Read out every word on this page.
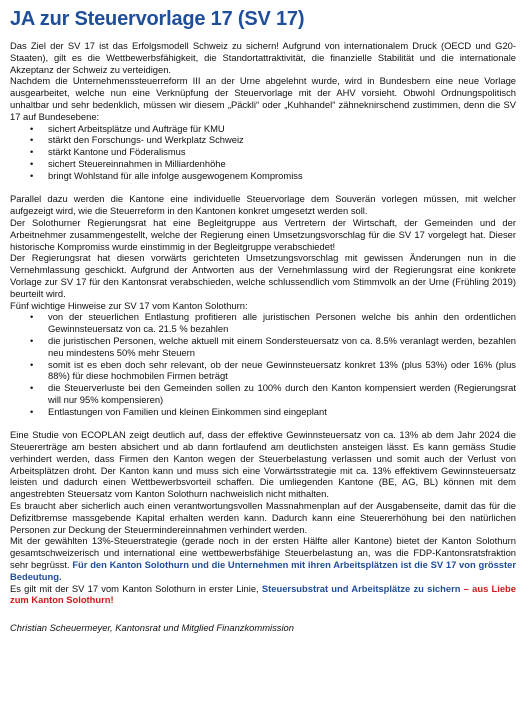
JA zur Steuervorlage 17 (SV 17)

Das Ziel der SV 17 ist das Erfolgsmodell Schweiz zu sichern! Aufgrund von internationalem Druck (OECD und G20-Staaten), gilt es die Wettbewerbsfähigkeit, die Standortattraktivität, die finanzielle Stabilität und die internationale Akzeptanz der Schweiz zu verteidigen.

Nachdem die Unternehmenssteuerreform III an der Urne abgelehnt wurde, wird in Bundesbern eine neue Vorlage ausgearbeitet, welche nun eine Verknüpfung der Steuervorlage mit der AHV vorsieht. Obwohl Ordnungspolitisch unhaltbar und sehr bedenklich, müssen wir diesem „Päckli“ oder „Kuhhandel“ zähneknirschend zustimmen, denn die SV 17 auf Bundesebene:

• sichert Arbeitsplätze und Aufträge für KMU
• stärkt den Forschungs- und Werkplatz Schweiz
• stärkt Kantone und Föderalismus
• sichert Steuereinnahmen in Milliardenhöhe
• bringt Wohlstand für alle infolge ausgewogenem Kompromiss

Parallel dazu werden die Kantone eine individuelle Steuervorlage dem Souverän vorlegen müssen, mit welcher aufgezeigt wird, wie die Steuerreform in den Kantonen konkret umgesetzt werden soll.

Der Solothurner Regierungsrat hat eine Begleitgruppe aus Vertretern der Wirtschaft, der Gemeinden und der Arbeitnehmer zusammengestellt, welche der Regierung einen Umsetzungsvorschlag für die SV 17 vorgelegt hat. Dieser historische Kompromiss wurde einstimmig in der Begleitgruppe verabschiedet!

Der Regierungsrat hat diesen vorwärts gerichteten Umsetzungsvorschlag mit gewissen Änderungen nun in die Vernehmlassung geschickt. Aufgrund der Antworten aus der Vernehmlassung wird der Regierungsrat eine konkrete Vorlage zur SV 17 für den Kantonsrat verabschieden, welche schlussendlich vom Stimmvolk an der Urne (Frühling 2019) beurteilt wird.

Fünf wichtige Hinweise zur SV 17 vom Kanton Solothurn:

• von der steuerlichen Entlastung profitieren alle juristischen Personen welche bis anhin den ordentlichen Gewinnsteuersatz von ca. 21.5 % bezahlen
• die juristischen Personen, welche aktuell mit einem Sondersteuersatz von ca. 8.5% veranlagt werden, bezahlen neu mindestens 50% mehr Steuern
• somit ist es eben doch sehr relevant, ob der neue Gewinnsteuersatz konkret 13% (plus 53%) oder 16% (plus 88%) für diese hochmobilen Firmen beträgt
• die Steuerverluste bei den Gemeinden sollen zu 100% durch den Kanton kompensiert werden (Regierungsrat will nur 95% kompensieren)
• Entlastungen von Familien und kleinen Einkommen sind eingeplant

Eine Studie von ECOPLAN zeigt deutlich auf, dass der effektive Gewinnsteuersatz von ca. 13% ab dem Jahr 2024 die Steuererträge am besten absichert und ab dann fortlaufend am deutlichsten ansteigen lässt. Es kann gemäss Studie verhindert werden, dass Firmen den Kanton wegen der Steuerbelastung verlassen und somit auch der Verlust von Arbeitsplätzen droht. Der Kanton kann und muss sich eine Vorwärtsstrategie mit ca. 13% effektivem Gewinnsteuersatz leisten und dadurch einen Wettbewerbsvorteil schaffen. Die umliegenden Kantone (BE, AG, BL) können mit dem angestrebten Steuersatz vom Kanton Solothurn nachweislich nicht mithalten.

Es braucht aber sicherlich auch einen verantwortungsvollen Massnahmenplan auf der Ausgabenseite, damit das für die Defizitbremse massgebende Kapital erhalten werden kann. Dadurch kann eine Steuererhöhung bei den natürlichen Personen zur Deckung der Steuermindereinnahmen verhindert werden.

Mit der gewählten 13%-Steuerstrategie (gerade noch in der ersten Hälfte aller Kantone) bietet der Kanton Solothurn gesamtschweizerisch und international eine wettbewerbsfähige Steuerbelastung an, was die FDP-Kantonsratsfraktion sehr begrüsst. Für den Kanton Solothurn und die Unternehmen mit ihren Arbeitsplätzen ist die SV 17 von grösster Bedeutung.

Es gilt mit der SV 17 vom Kanton Solothurn in erster Linie, Steuersubstrat und Arbeitsplätze zu sichern – aus Liebe zum Kanton Solothurn!

Christian Scheuermeyer, Kantonsrat und Mitglied Finanzkommission
